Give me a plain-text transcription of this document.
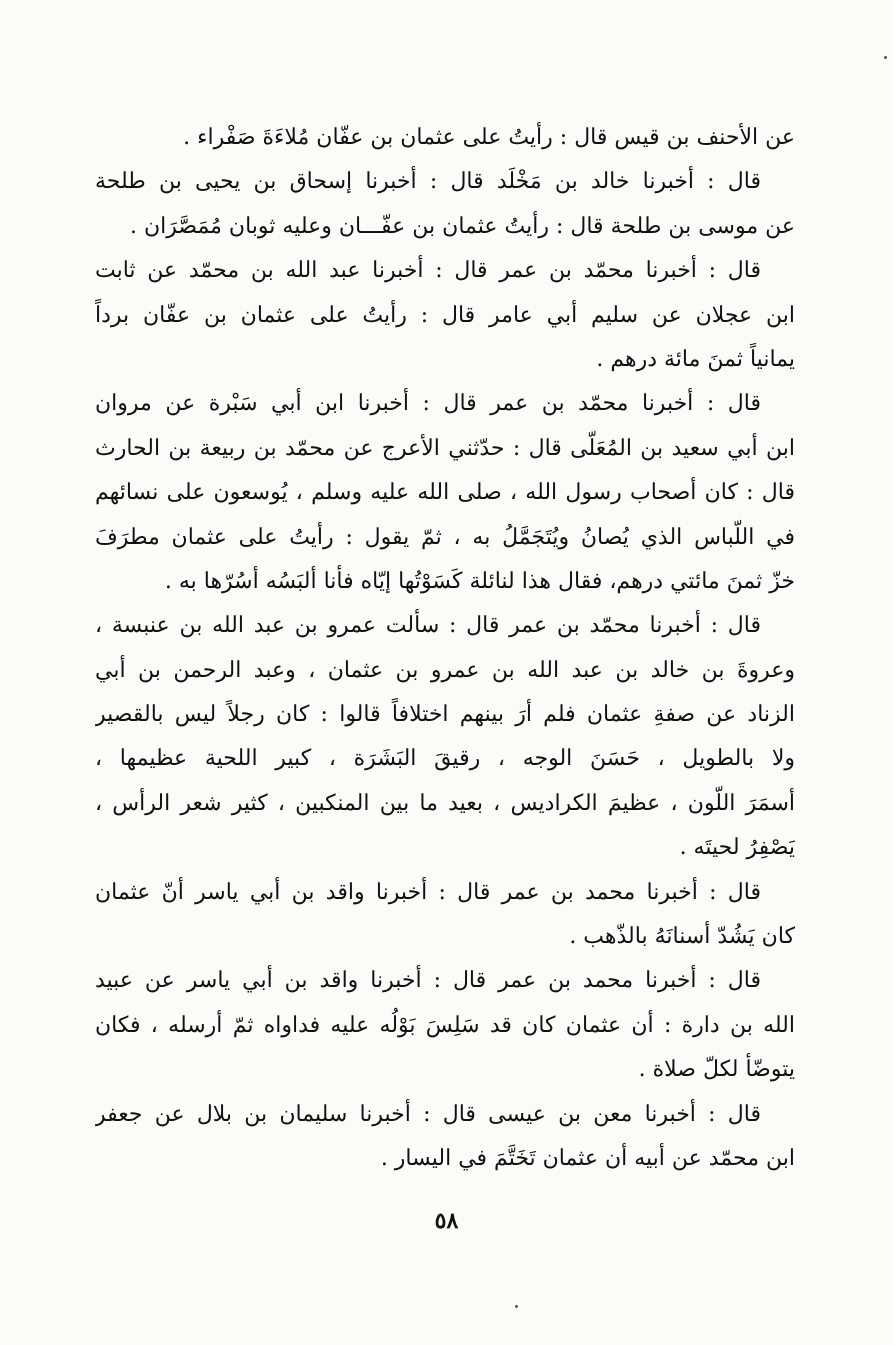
عن الأحنف بن قيس قال : رأيتُ على عثمان بن عفّان مُلاءَةَ صَفْراء .
قال : أخبرنا خالد بن مَخْلَد قال : أخبرنا إسحاق بن يحيى بن طلحة
عن موسى بن طلحة قال : رأيتُ عثمان بن عفّـــان وعليه ثوبان مُمَصَّرَان .
قال : أخبرنا محمّد بن عمر قال : أخبرنا عبد الله بن محمّد عن ثابت
ابن عجلان عن سليم أبي عامر قال : رأيتُ على عثمان بن عفّان برداً
يمانياً ثمنَ مائة درهم .
قال : أخبرنا محمّد بن عمر قال : أخبرنا ابن أبي سَبْرة عن مروان
ابن أبي سعيد بن المُعَلّى قال : حدّثني الأعرج عن محمّد بن ربيعة بن الحارث
قال : كان أصحاب رسول الله ، صلى الله عليه وسلم ، يُوسعون على نسائهم
في اللّباس الذي يُصانُ ويُتَجَمَّلُ به ، ثمّ يقول : رأيتُ على عثمان مطرَفَ
خزّ ثمنَ مائتي درهم، فقال هذا لنائلة كَسَوْتُها إيّاه فأنا ألبَسُه أسُرّها به .
قال : أخبرنا محمّد بن عمر قال : سألت عمرو بن عبد الله بن عنبسة ،
وعروةَ بن خالد بن عبد الله بن عمرو بن عثمان ، وعبد الرحمن بن أبي
الزناد عن صفةِ عثمان فلم أرَ بينهم اختلافاً قالوا : كان رجلاً ليس بالقصير
ولا بالطويل ، حَسَنَ الوجه ، رقيقَ البَشَرَة ، كبير اللحية عظيمها ،
أسمَرَ اللّون ، عظيمَ الكراديس ، بعيد ما بين المنكبين ، كثير شعر الرأس ،
يَصْفِرُ لحيتَه .
قال : أخبرنا محمد بن عمر قال : أخبرنا واقد بن أبي ياسر أنّ عثمان
كان يَشُدّ أسنانَهُ بالذّهب .
قال : أخبرنا محمد بن عمر قال : أخبرنا واقد بن أبي ياسر عن عبيد
الله بن دارة : أن عثمان كان قد سَلِسَ بَوْلُه عليه فداواه ثمّ أرسله ، فكان
يتوضّأ لكلّ صلاة .
قال : أخبرنا معن بن عيسى قال : أخبرنا سليمان بن بلال عن جعفر
ابن محمّد عن أبيه أن عثمان تَخَتَّمَ في اليسار .
٥٨
